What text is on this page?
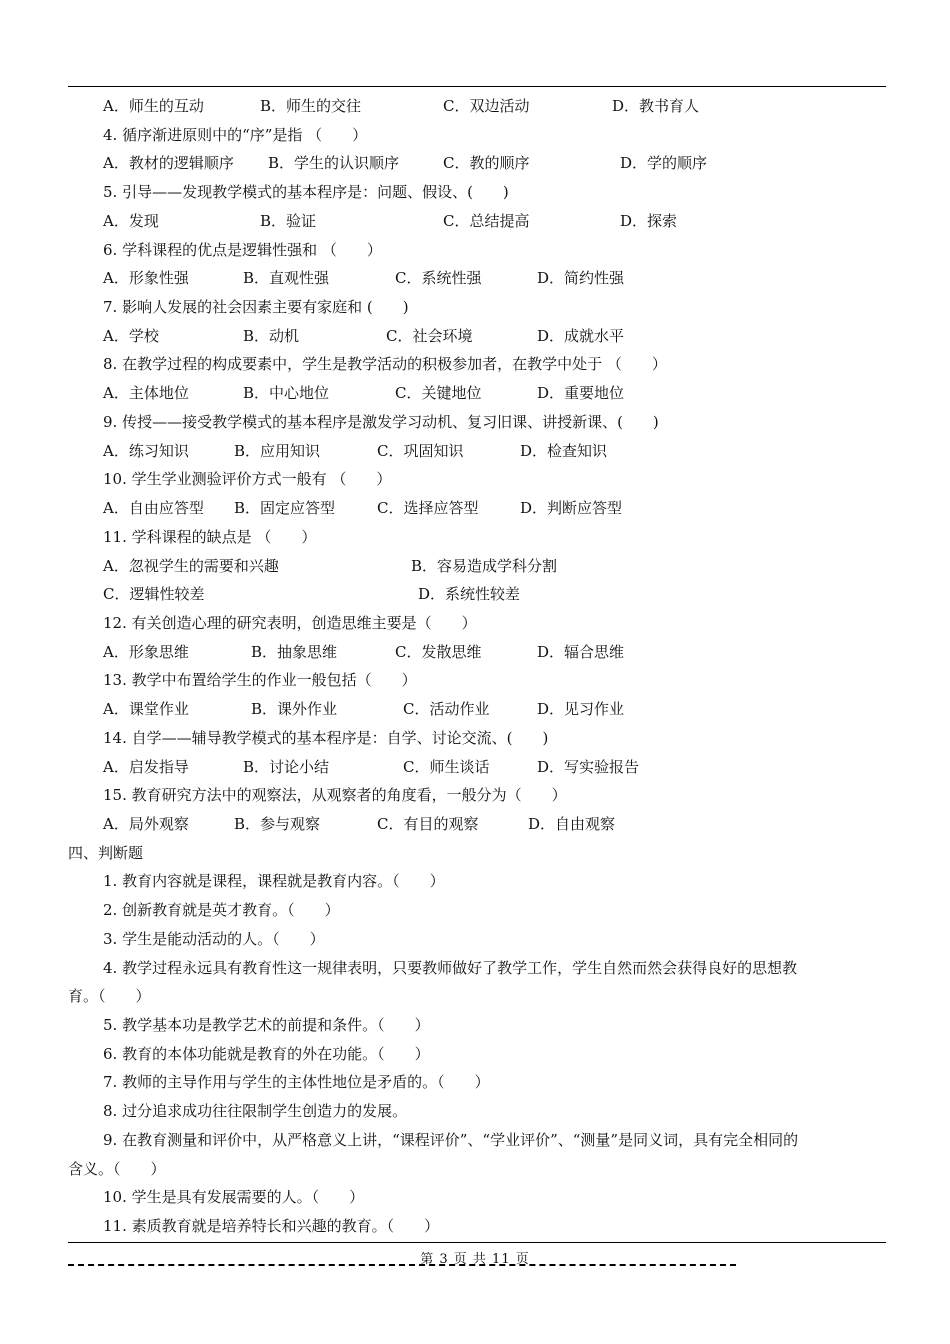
A．师生的互动	B．师生的交往	C．双边活动	D．教书育人
4. 循序渐进原则中的“序”是指 （　　）
A．教材的逻辑顺序 B．学生的认识顺序	C．教的顺序	D．学的顺序
5. 引导——发现教学模式的基本程序是：问题、假设、(　　)
A．发现	B．验证	C．总结提高	D．探索
6. 学科课程的优点是逻辑性强和 （　　）
A．形象性强	B．直观性强	C．系统性强	D．简约性强
7. 影响人发展的社会因素主要有家庭和 (　　)
A．学校	B．动机	C．社会环境	D．成就水平
8. 在教学过程的构成要素中，学生是教学活动的积极参加者，在教学中处于 （　　）
A．主体地位	B．中心地位	C．关键地位	D．重要地位
9. 传授——接受教学模式的基本程序是激发学习动机、复习旧课、讲授新课、(　　)
A．练习知识	B．应用知识	C．巩固知识	D．检查知识
10. 学生学业测验评价方式一般有 （　　）
A．自由应答型 B．固定应答型	C．选择应答型	D．判断应答型
11. 学科课程的缺点是 （　　）
A．忽视学生的需要和兴趣	B．容易造成学科分割
C．逻辑性较差	D．系统性较差
12. 有关创造心理的研究表明，创造思维主要是（　　）
A．形象思维	B．抽象思维	C．发散思维	D．辐合思维
13. 教学中布置给学生的作业一般包括（　　）
A．课堂作业	B．课外作业	C．活动作业	D．见习作业
14. 自学——辅导教学模式的基本程序是：自学、讨论交流、(　　)
A．启发指导	B．讨论小结	C．师生谈话	D．写实验报告
15. 教育研究方法中的观察法，从观察者的角度看，一般分为（　　）
A．局外观察	B．参与观察	C．有目的观察	D．自由观察
四、判断题
1. 教育内容就是课程，课程就是教育内容。（　　）
2. 创新教育就是英才教育。（　　）
3. 学生是能动活动的人。（　　）
4. 教学过程永远具有教育性这一规律表明，只要教师做好了教学工作，学生自然而然会获得良好的思想教
育。（　　）
5. 教学基本功是教学艺术的前提和条件。（　　）
6. 教育的本体功能就是教育的外在功能。（　　）
7. 教师的主导作用与学生的主体性地位是矛盾的。（　　）
8. 过分追求成功往往限制学生创造力的发展。
9. 在教育测量和评价中，从严格意义上讲，“课程评价”、“学业评价”、“测量”是同义词，具有完全相同的
含义。（　　）
10. 学生是具有发展需要的人。（　　）
11. 素质教育就是培养特长和兴趣的教育。（　　）
第 3 页 共 11 页
